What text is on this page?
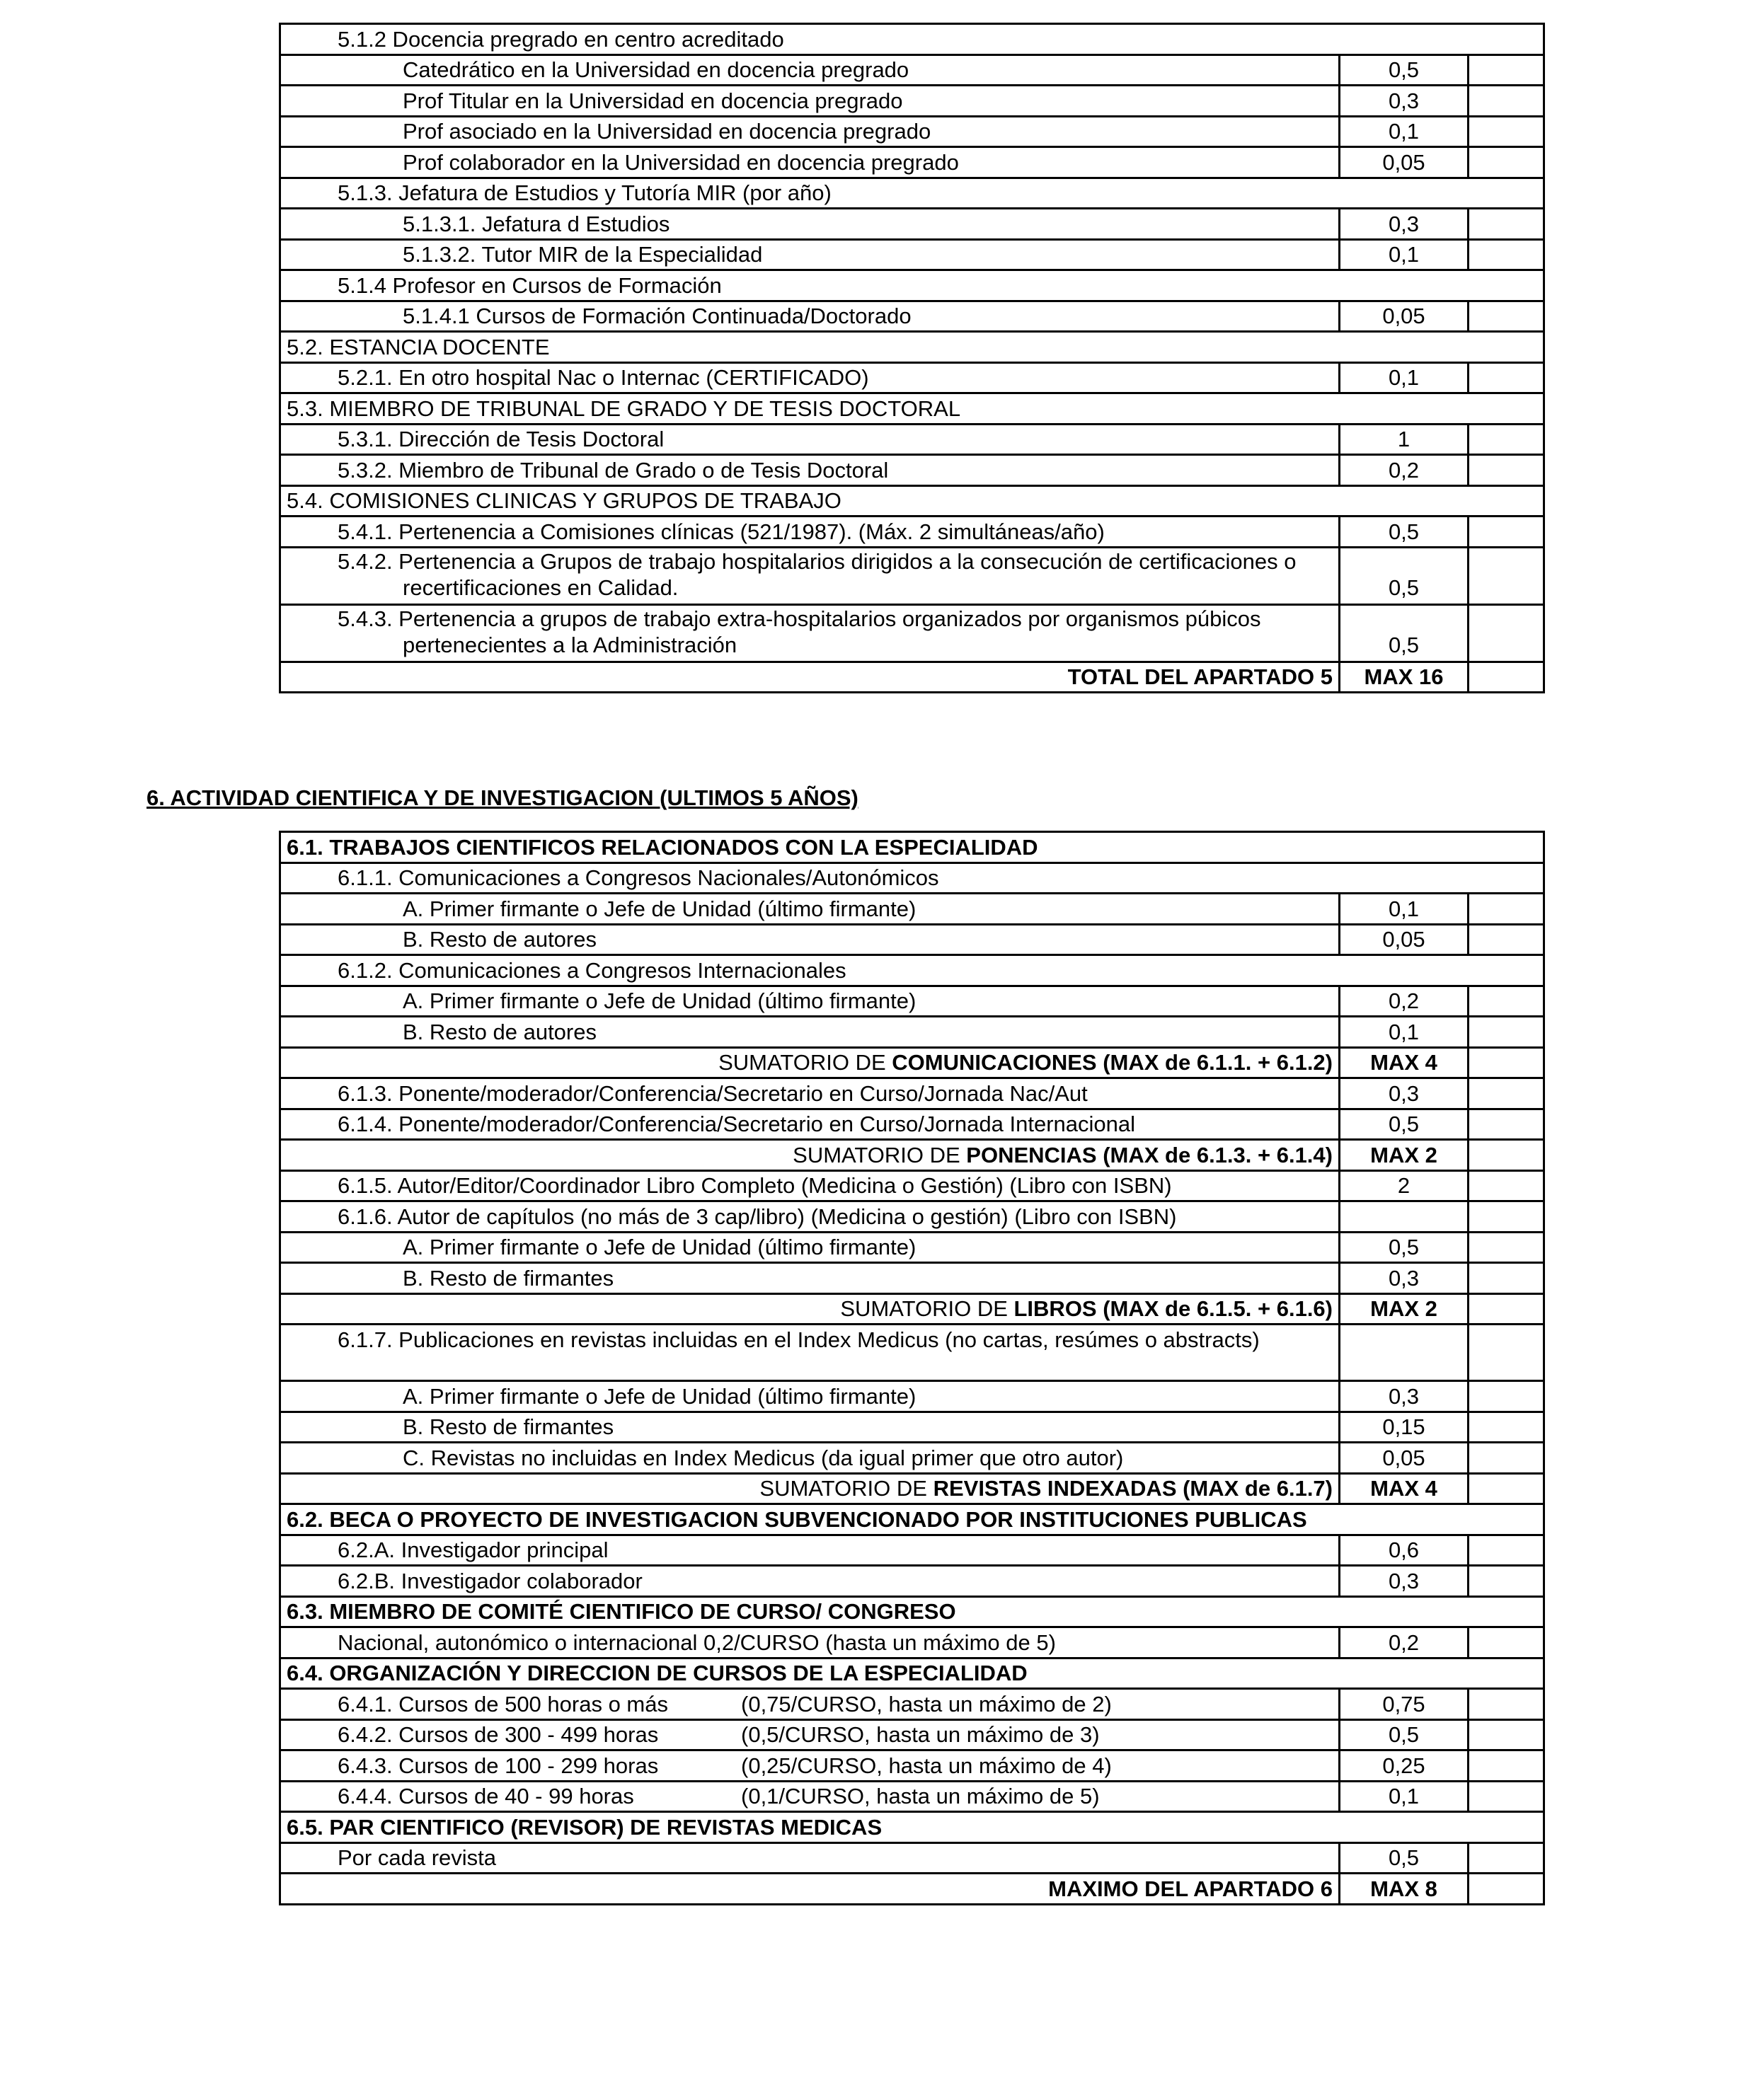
5.1.2 Docencia pregrado en centro acreditado		
Catedrático en la Universidad en docencia pregrado	0,5	
Prof Titular en la Universidad en docencia pregrado	0,3	
Prof asociado en la Universidad en docencia pregrado	0,1	
Prof colaborador en la Universidad en docencia pregrado	0,05	
5.1.3. Jefatura de Estudios y Tutoría MIR (por año)		
5.1.3.1. Jefatura d Estudios	0,3	
5.1.3.2. Tutor MIR de la Especialidad	0,1	
5.1.4 Profesor en Cursos de Formación		
5.1.4.1 Cursos de Formación Continuada/Doctorado	0,05	
5.2. ESTANCIA DOCENTE		
5.2.1. En otro hospital Nac o Internac (CERTIFICADO)	0,1	
5.3. MIEMBRO DE TRIBUNAL DE GRADO Y DE TESIS DOCTORAL		
5.3.1. Dirección de Tesis Doctoral	1	
5.3.2. Miembro de Tribunal de Grado o de Tesis Doctoral	0,2	
5.4. COMISIONES CLINICAS Y GRUPOS DE TRABAJO		
5.4.1. Pertenencia a Comisiones clínicas (521/1987). (Máx. 2 simultáneas/año)	0,5	
5.4.2. Pertenencia a Grupos de trabajo hospitalarios dirigidos a la consecución de certificaciones o recertificaciones en Calidad.	0,5	
5.4.3. Pertenencia a grupos de trabajo extra-hospitalarios organizados por organismos púbicos pertenecientes a la Administración	0,5	
TOTAL DEL APARTADO 5	MAX 16	
6. ACTIVIDAD CIENTIFICA Y DE INVESTIGACION (ULTIMOS 5 AÑOS)
6.1. TRABAJOS CIENTIFICOS RELACIONADOS CON LA ESPECIALIDAD		
6.1.1. Comunicaciones a Congresos Nacionales/Autonómicos		
A. Primer firmante o Jefe de Unidad (último firmante)	0,1	
B. Resto de autores	0,05	
6.1.2. Comunicaciones a Congresos Internacionales		
A. Primer firmante o Jefe de Unidad (último firmante)	0,2	
B. Resto de autores	0,1	
SUMATORIO DE COMUNICACIONES (MAX de 6.1.1. + 6.1.2)	MAX 4	
6.1.3. Ponente/moderador/Conferencia/Secretario en Curso/Jornada Nac/Aut	0,3	
6.1.4. Ponente/moderador/Conferencia/Secretario en Curso/Jornada Internacional	0,5	
SUMATORIO DE PONENCIAS (MAX de 6.1.3. + 6.1.4)	MAX 2	
6.1.5. Autor/Editor/Coordinador Libro Completo (Medicina o Gestión) (Libro con ISBN)	2	
6.1.6. Autor de capítulos (no más de 3 cap/libro) (Medicina o gestión) (Libro con ISBN)		
A. Primer firmante o Jefe de Unidad (último firmante)	0,5	
B. Resto de firmantes	0,3	
SUMATORIO DE LIBROS (MAX de 6.1.5. + 6.1.6)	MAX 2	
6.1.7. Publicaciones en revistas incluidas en el Index Medicus (no cartas, resúmes o abstracts)		
A. Primer firmante o Jefe de Unidad (último firmante)	0,3	
B. Resto de firmantes	0,15	
C. Revistas no incluidas en Index Medicus (da igual primer que otro autor)	0,05	
SUMATORIO DE REVISTAS INDEXADAS (MAX de 6.1.7)	MAX 4	
6.2. BECA O PROYECTO DE INVESTIGACION SUBVENCIONADO POR INSTITUCIONES PUBLICAS		
6.2.A. Investigador principal	0,6	
6.2.B. Investigador colaborador	0,3	
6.3. MIEMBRO DE COMITÉ CIENTIFICO DE CURSO/ CONGRESO		
Nacional, autonómico o internacional 0,2/CURSO (hasta un máximo de 5)	0,2	
6.4. ORGANIZACIÓN Y DIRECCION DE CURSOS DE LA ESPECIALIDAD		
6.4.1. Cursos de 500 horas o más (0,75/CURSO, hasta un máximo de 2)	0,75	
6.4.2. Cursos de 300 - 499 horas (0,5/CURSO, hasta un máximo de 3)	0,5	
6.4.3. Cursos de 100 - 299 horas (0,25/CURSO, hasta un máximo de 4)	0,25	
6.4.4. Cursos de 40 - 99 horas (0,1/CURSO, hasta un máximo de 5)	0,1	
6.5. PAR CIENTIFICO (REVISOR) DE REVISTAS MEDICAS		
Por cada revista	0,5	
MAXIMO DEL APARTADO 6	MAX 8	
